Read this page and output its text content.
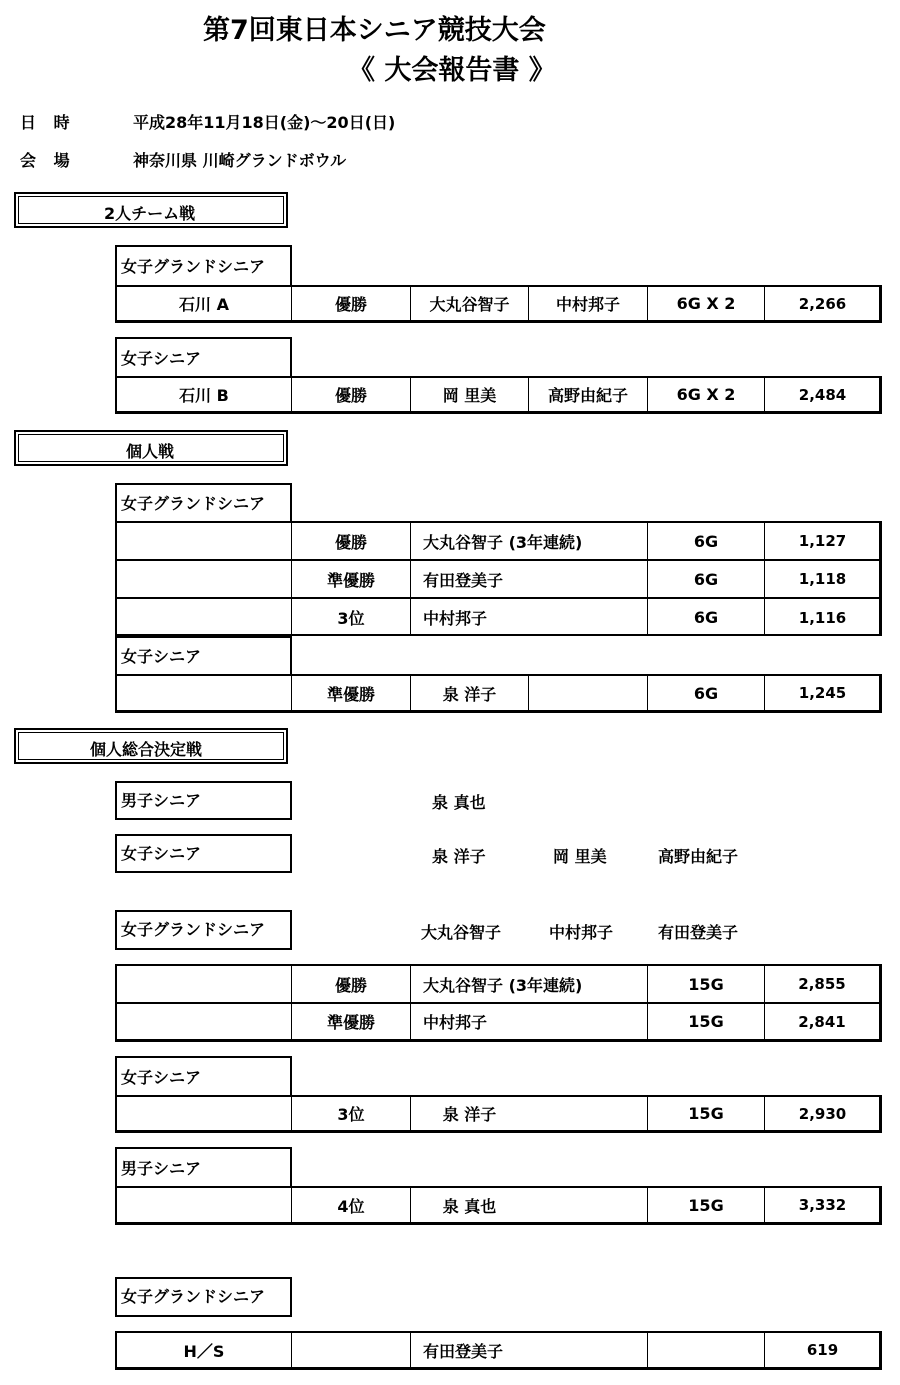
第7回東日本シニア競技大会
《 大会報告書 》
日 時	平成28年11月18日(金)～20日(日)
会 場	神奈川県 川崎グランドボウル
2人チーム戦
女子グランドシニア
石川 A	優勝	大丸谷智子	中村邦子	6G X 2	2,266
女子シニア
石川 B	優勝	岡 里美	高野由紀子	6G X 2	2,484
個人戦
女子グランドシニア
優勝	大丸谷智子 (3年連続)	6G	1,127
準優勝	有田登美子	6G	1,118
3位	中村邦子	6G	1,116
女子シニア
準優勝	泉 洋子	6G	1,245
個人総合決定戦
男子シニア	泉 真也
女子シニア	泉 洋子	岡 里美	高野由紀子
女子グランドシニア	大丸谷智子	中村邦子	有田登美子
優勝	大丸谷智子 (3年連続)	15G	2,855
準優勝	中村邦子	15G	2,841
女子シニア
3位	泉 洋子	15G	2,930
男子シニア
4位	泉 真也	15G	3,332
女子グランドシニア
H／S	有田登美子	619
